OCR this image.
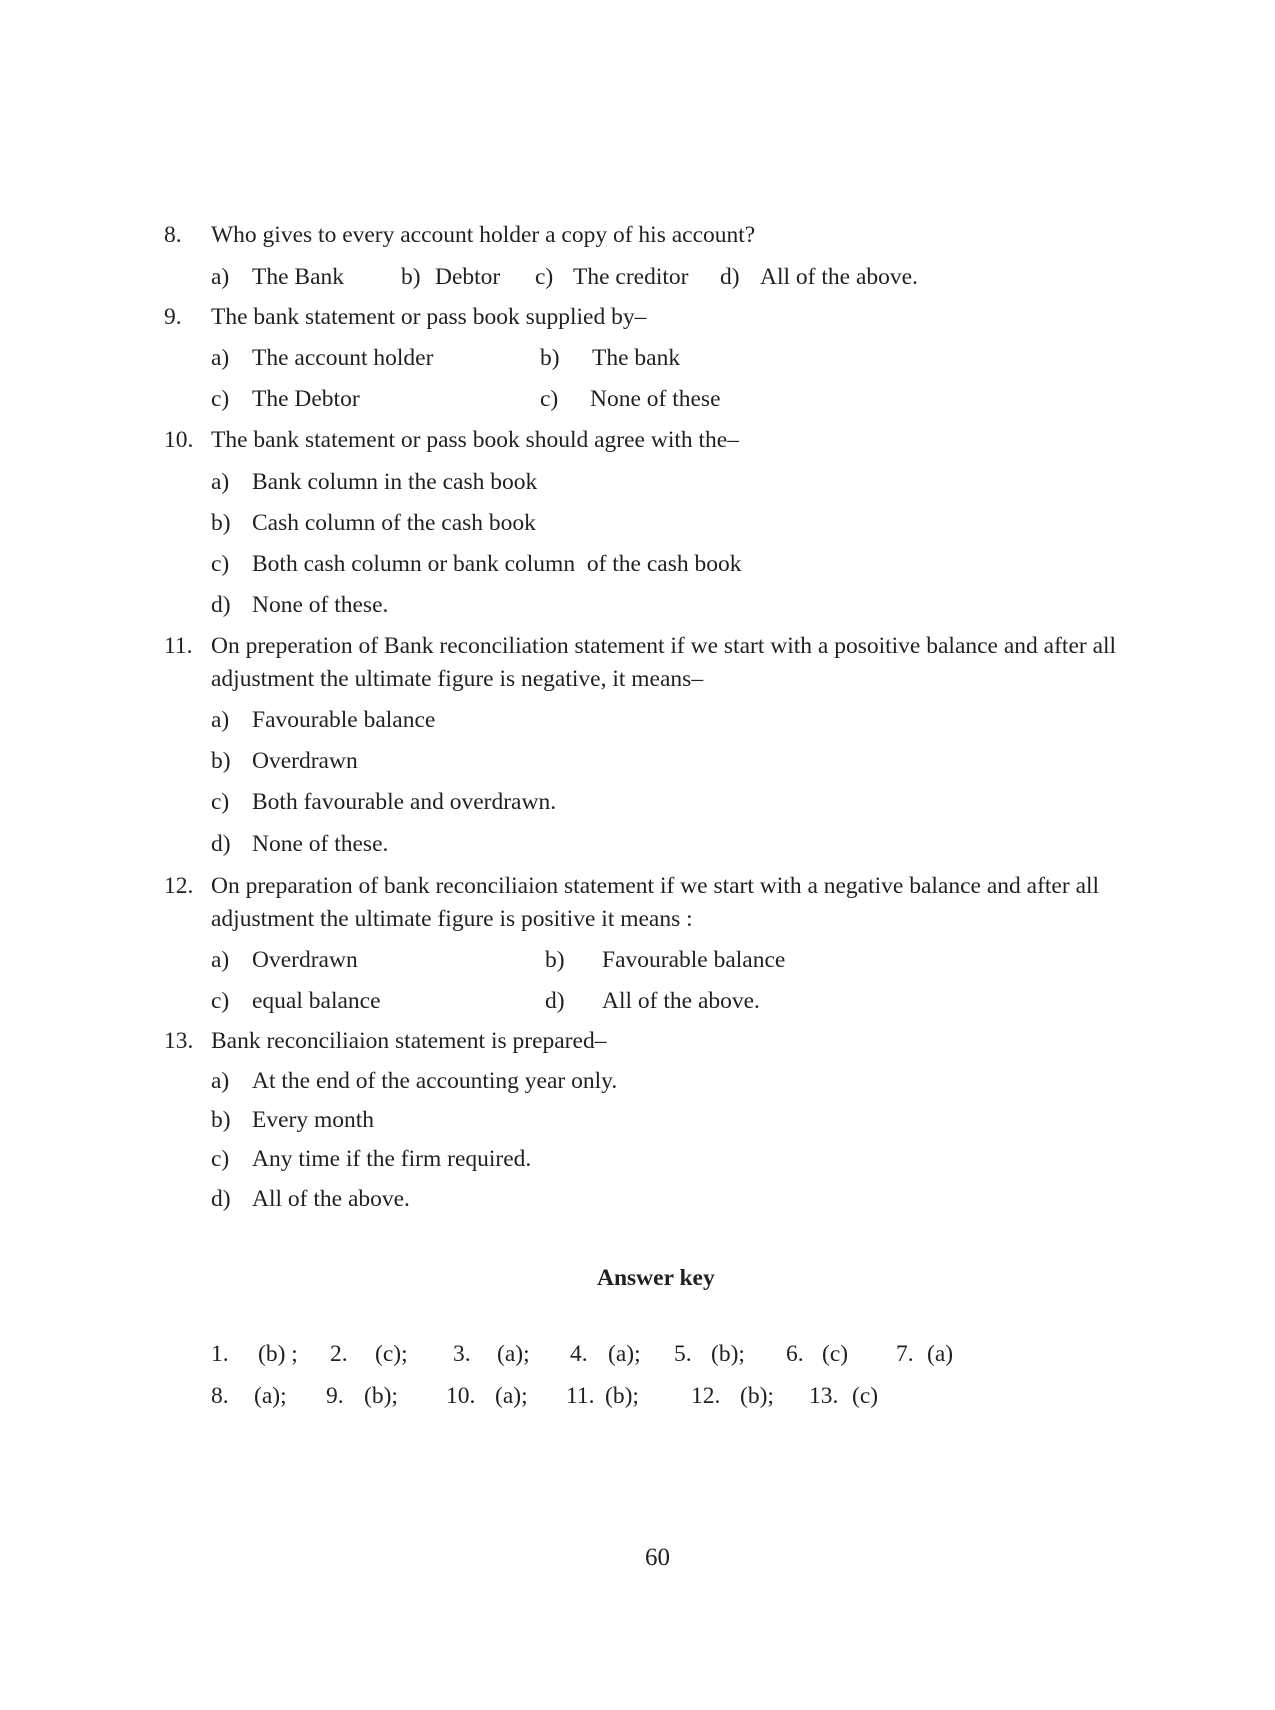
8. Who gives to every account holder a copy of his account?
a) The Bank b) Debtor c) The creditor d) All of the above.
9. The bank statement or pass book supplied by–
a) The account holder	b) The bank
c) The Debtor	c) None of these
10. The bank statement or pass book should agree with the–
a) Bank column in the cash book
b) Cash column of the cash book
c) Both cash column or bank column  of the cash book
d) None of these.
11. On preperation of Bank reconciliation statement if we start with a posoitive balance and after all
adjustment the ultimate figure is negative, it means–
a) Favourable balance
b) Overdrawn
c) Both favourable and overdrawn.
d) None of these.
12. On preparation of bank reconciliaion statement if we start with a negative balance and after all
adjustment the ultimate figure is positive it means :
a) Overdrawn	b) Favourable balance
c) equal balance	d) All of the above.
13. Bank reconciliaion statement is prepared–
a) At the end of the accounting year only.
b) Every month
c) Any time if the firm required.
d) All of the above.
Answer key
1. (b) ; 2. (c); 3. (a); 4. (a); 5. (b); 6. (c) 7. (a)
8. (a); 9. (b); 10. (a); 11. (b); 12. (b); 13. (c)
60
